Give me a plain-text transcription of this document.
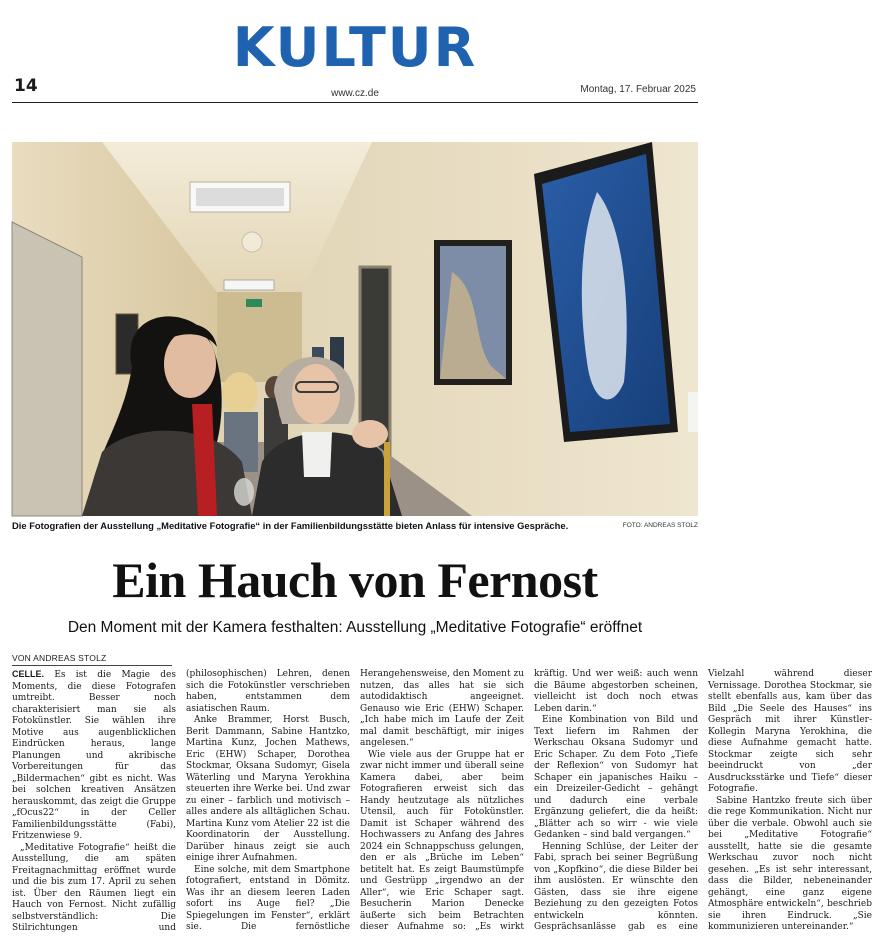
KULTUR
14	www.cz.de	Montag, 17. Februar 2025
Die Fotografien der Ausstellung „Meditative Fotografie“ in der Familienbildungsstätte bieten Anlass für intensive Gespräche.	FOTO: ANDREAS STOLZ
Ein Hauch von Fernost
Den Moment mit der Kamera festhalten: Ausstellung „Meditative Fotografie“ eröffnet
VON ANDREAS STOLZ

CELLE. Es ist die Magie des Moments, die diese Fotografen umtreibt. Besser noch charakterisiert man sie als Fotokünstler. Sie wählen ihre Motive aus augenblicklichen Eindrücken heraus, lange Planungen und akribische Vorbereitungen für das „Bildermachen“ gibt es nicht. Was bei solchen kreativen Ansätzen herauskommt, das zeigt die Gruppe „fOcus22“ in der Celler Familienbildungsstätte (Fabi), Fritzenwiese 9.

„Meditative Fotografie“ heißt die Ausstellung, die am späten Freitagnachmittag eröffnet wurde und die bis zum 17. April zu sehen ist. Über den Räumen liegt ein Hauch von Fernost. Nicht zufällig selbstverständlich: Die Stilrichtungen und (philosophischen) Lehren, denen sich die Fotokünstler verschrieben haben, entstammen dem asiatischen Raum.

Anke Brammer, Horst Busch, Berit Dammann, Sabine Hantzko, Martina Kunz, Jochen Mathews, Eric (EHW) Schaper, Dorothea Stockmar, Oksana Sudomyr, Gisela Wäterling und Maryna Yerokhina steuerten ihre Werke bei. Und zwar zu einer – farblich und motivisch – alles andere als alltäglichen Schau. Martina Kunz vom Atelier 22 ist die Koordinatorin der Ausstellung. Darüber hinaus zeigt sie auch einige ihrer Aufnahmen.

Eine solche, mit dem Smartphone fotografiert, entstand in Dömitz. Was ihr an diesem leeren Laden sofort ins Auge fiel? „Die Spiegelungen im Fenster“, erklärt sie. Die fernöstliche Herangehensweise, den Moment zu nutzen, das alles hat sie sich autodidaktisch angeeignet. Genauso wie Eric (EHW) Schaper. „Ich habe mich im Laufe der Zeit mal damit beschäftigt, mir iniges angelesen.“

Wie viele aus der Gruppe hat er zwar nicht immer und überall seine Kamera dabei, aber beim Fotografieren erweist sich das Handy heutzutage als nützliches Utensil, auch für Fotokünstler. Damit ist Schaper während des Hochwassers zu Anfang des Jahres 2024 ein Schnappschuss gelungen, den er als „Brüche im Leben“ betitelt hat. Es zeigt Baumstümpfe und Gestrüpp „irgendwo an der Aller“, wie Eric Schaper sagt. Besucherin Marion Denecke äußerte sich beim Betrachten dieser Aufnahme so: „Es wirkt kräftig. Und wer weiß: auch wenn die Bäume abgestorben scheinen, vielleicht ist doch noch etwas Leben darin.“

Eine Kombination von Bild und Text liefern im Rahmen der Werkschau Oksana Sudomyr und Eric Schaper. Zu dem Foto „Tiefe der Reflexion“ von Sudomyr hat Schaper ein japanisches Haiku – ein Dreizeiler-Gedicht – gehängt und dadurch eine verbale Ergänzung geliefert, die da heißt: „Blätter ach so wirr - wie viele Gedanken – sind bald vergangen.“

Henning Schlüse, der Leiter der Fabi, sprach bei seiner Begrüßung von „Kopfkino“, die diese Bilder bei ihm auslösten. Er wünschte den Gästen, dass sie ihre eigene Beziehung zu den gezeigten Fotos entwickeln könnten. Gesprächsanlässe gab es eine Vielzahl während dieser Vernissage. Dorothea Stockmar, sie stellt ebenfalls aus, kam über das Bild „Die Seele des Hauses“ ins Gespräch mit ihrer Künstler-Kollegin Maryna Yerokhina, die diese Aufnahme gemacht hatte. Stockmar zeigte sich sehr beeindruckt von „der Ausdrucksstärke und Tiefe“ dieser Fotografie.

Sabine Hantzko freute sich über die rege Kommunikation. Nicht nur über die verbale. Obwohl auch sie bei „Meditative Fotografie“ ausstellt, hatte sie die gesamte Werkschau zuvor noch nicht gesehen. „Es ist sehr interessant, dass die Bilder, nebeneinander gehängt, eine ganz eigene Atmosphäre entwickeln“, beschrieb sie ihren Eindruck. „Sie kommunizieren untereinander.“
